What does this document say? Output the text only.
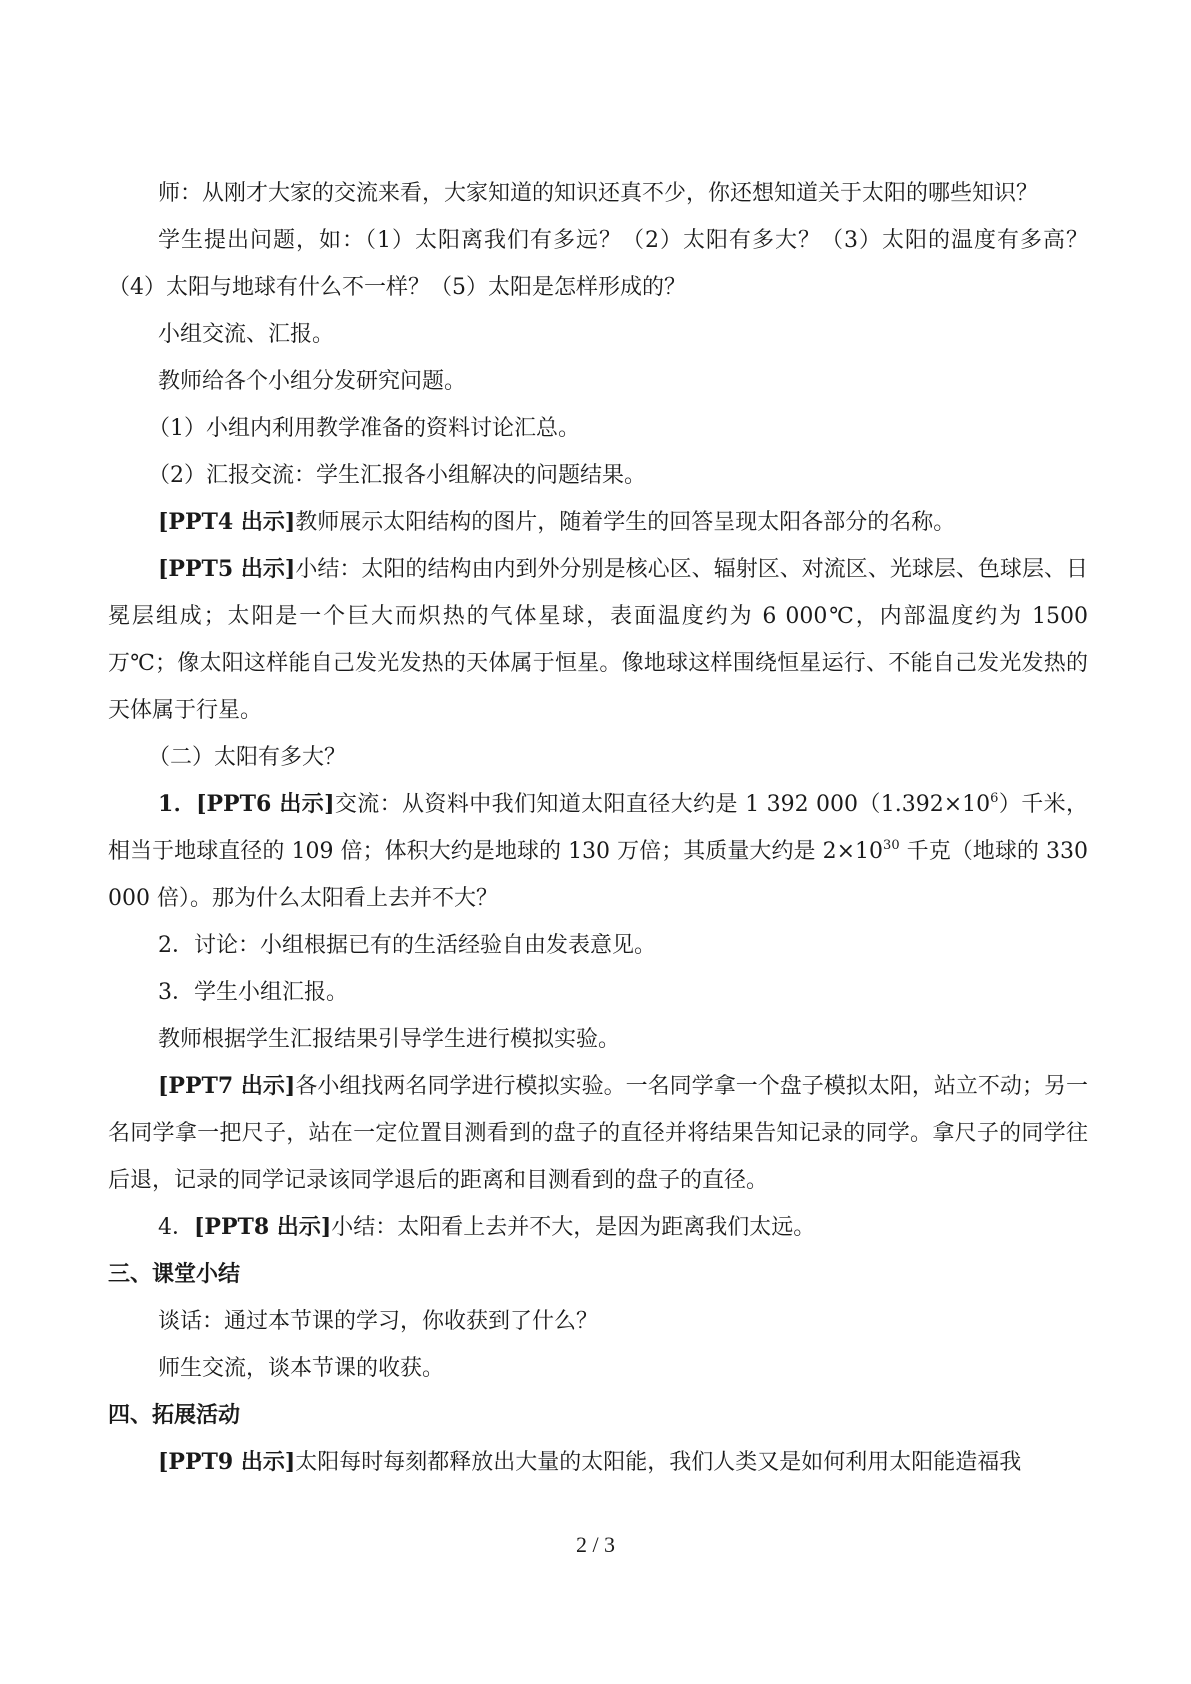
师：从刚才大家的交流来看，大家知道的知识还真不少，你还想知道关于太阳的哪些知识？

学生提出问题，如：（1）太阳离我们有多远？（2）太阳有多大？（3）太阳的温度有多高？（4）太阳与地球有什么不一样？（5）太阳是怎样形成的？

小组交流、汇报。

教师给各个小组分发研究问题。

（1）小组内利用教学准备的资料讨论汇总。

（2）汇报交流：学生汇报各小组解决的问题结果。

[PPT4 出示]教师展示太阳结构的图片，随着学生的回答呈现太阳各部分的名称。

[PPT5 出示]小结：太阳的结构由内到外分别是核心区、辐射区、对流区、光球层、色球层、日冕层组成；太阳是一个巨大而炽热的气体星球，表面温度约为 6 000℃，内部温度约为 1500 万℃；像太阳这样能自己发光发热的天体属于恒星。像地球这样围绕恒星运行、不能自己发光发热的天体属于行星。

（二）太阳有多大？

1．[PPT6 出示]交流：从资料中我们知道太阳直径大约是 1 392 $000(1.392\times 10^6)$千米，相当于地球直径的 109 倍；体积大约是地球的 130 万倍；其质量大约是 $2\times 10^{30}$ 千克（地球的 330 000 倍）。那为什么太阳看上去并不大？

2．讨论：小组根据已有的生活经验自由发表意见。

3．学生小组汇报。

教师根据学生汇报结果引导学生进行模拟实验。

[PPT7 出示]各小组找两名同学进行模拟实验。一名同学拿一个盘子模拟太阳，站立不动；另一名同学拿一把尺子，站在一定位置目测看到的盘子的直径并将结果告知记录的同学。拿尺子的同学往后退，记录的同学记录该同学退后的距离和目测看到的盘子的直径。

4．[PPT8 出示]小结：太阳看上去并不大，是因为距离我们太远。

三、课堂小结

谈话：通过本节课的学习，你收获到了什么？

师生交流，谈本节课的收获。

四、拓展活动

[PPT9 出示]太阳每时每刻都释放出大量的太阳能，我们人类又是如何利用太阳能造福我

2 / 3
